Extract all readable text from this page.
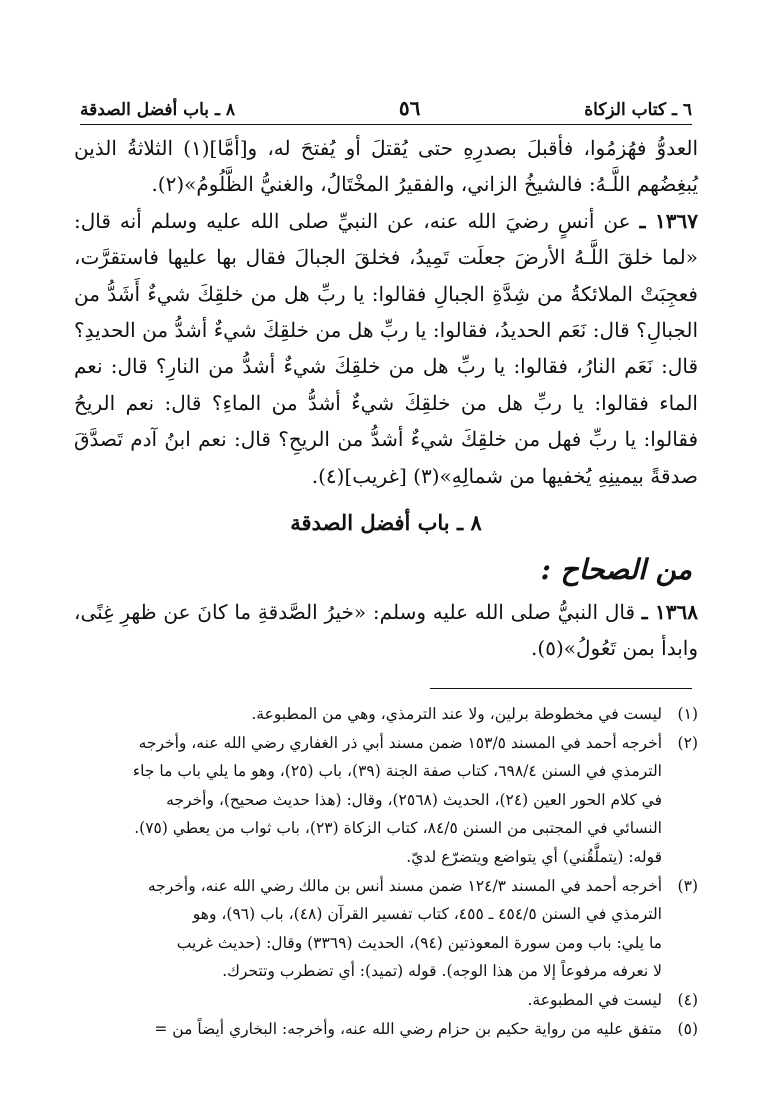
٦ ـ كتاب الزكاة
٥٦
٨ ـ باب أفضل الصدقة

العدوُّ فهُزمُوا، فأقبلَ بصدرِهِ حتى يُقتلَ أو يُفتحَ له، و[أمَّا](١) الثلاثةُ الذين يُبغِضُهم اللَّـهُ: فالشيخُ الزاني، والفقيرُ المخْتَالُ، والغنيُّ الظَّلُومُ»(٢).

١٣٦٧ ـ عن أنسٍ رضيَ الله عنه، عن النبيِّ صلى الله عليه وسلم أنه قال: «لما خلقَ اللَّـهُ الأرضَ جعلَت تَمِيدُ، فخلقَ الجبالَ فقال بها عليها فاستقرَّت، فعجِبَتْ الملائكةُ من شِدَّةِ الجبالِ فقالوا: يا ربِّ هل من خلقِكَ شيءٌ أَشَدُّ من الجبالِ؟ قال: نَعَم الحديدُ، فقالوا: يا ربِّ هل من خلقِكَ شيءٌ أشدُّ من الحديدِ؟ قال: نَعَم النارُ، فقالوا: يا ربِّ هل من خلقِكَ شيءٌ أشدُّ من النارِ؟ قال: نعم الماء فقالوا: يا ربِّ هل من خلقِكَ شيءٌ أشدُّ من الماءِ؟ قال: نعم الريحُ فقالوا: يا ربِّ فهل من خلقِكَ شيءٌ أشدُّ من الريحِ؟ قال: نعم ابنُ آدم تَصدَّقَ صدقةً بيمينِهِ يُخفيها من شمالِهِ»(٣) [غريب](٤).

٨ ـ باب أفضل الصدقة
من الصحاح :

١٣٦٨ ـ قال النبيُّ صلى الله عليه وسلم: «خيرُ الصَّدقةِ ما كانَ عن ظهرِ غِنًى، وابدأ بمن تَعُولُ»(٥).

(١)
ليست في مخطوطة برلين، ولا عند الترمذي، وهي من المطبوعة.
(٢)
أخرجه أحمد في المسند ١٥٣/٥ ضمن مسند أبي ذر الغفاري رضي الله عنه، وأخرجه
الترمذي في السنن ٦٩٨/٤، كتاب صفة الجنة (٣٩)، باب (٢٥)، وهو ما يلي باب ما جاء
في كلام الحور العين (٢٤)، الحديث (٢٥٦٨)، وقال: (هذا حديث صحيح)، وأخرجه
النسائي في المجتبى من السنن ٨٤/٥، كتاب الزكاة (٢٣)، باب ثواب من يعطي (٧٥).
قوله: (يتملَّقُني) أي يتواضع ويتضرّع لديّ.
(٣)
أخرجه أحمد في المسند ١٢٤/٣ ضمن مسند أنس بن مالك رضي الله عنه، وأخرجه
الترمذي في السنن ٤٥٤/٥ ـ ٤٥٥، كتاب تفسير القرآن (٤٨)، باب (٩٦)، وهو
ما يلي: باب ومن سورة المعوذتين (٩٤)، الحديث (٣٣٦٩) وقال: (حديث غريب
لا نعرفه مرفوعاً إلا من هذا الوجه). قوله (تميد): أي تضطرب وتتحرك.
(٤)
ليست في المطبوعة.
(٥)
متفق عليه من رواية حكيم بن حزام رضي الله عنه، وأخرجه: البخاري أيضاً من =
